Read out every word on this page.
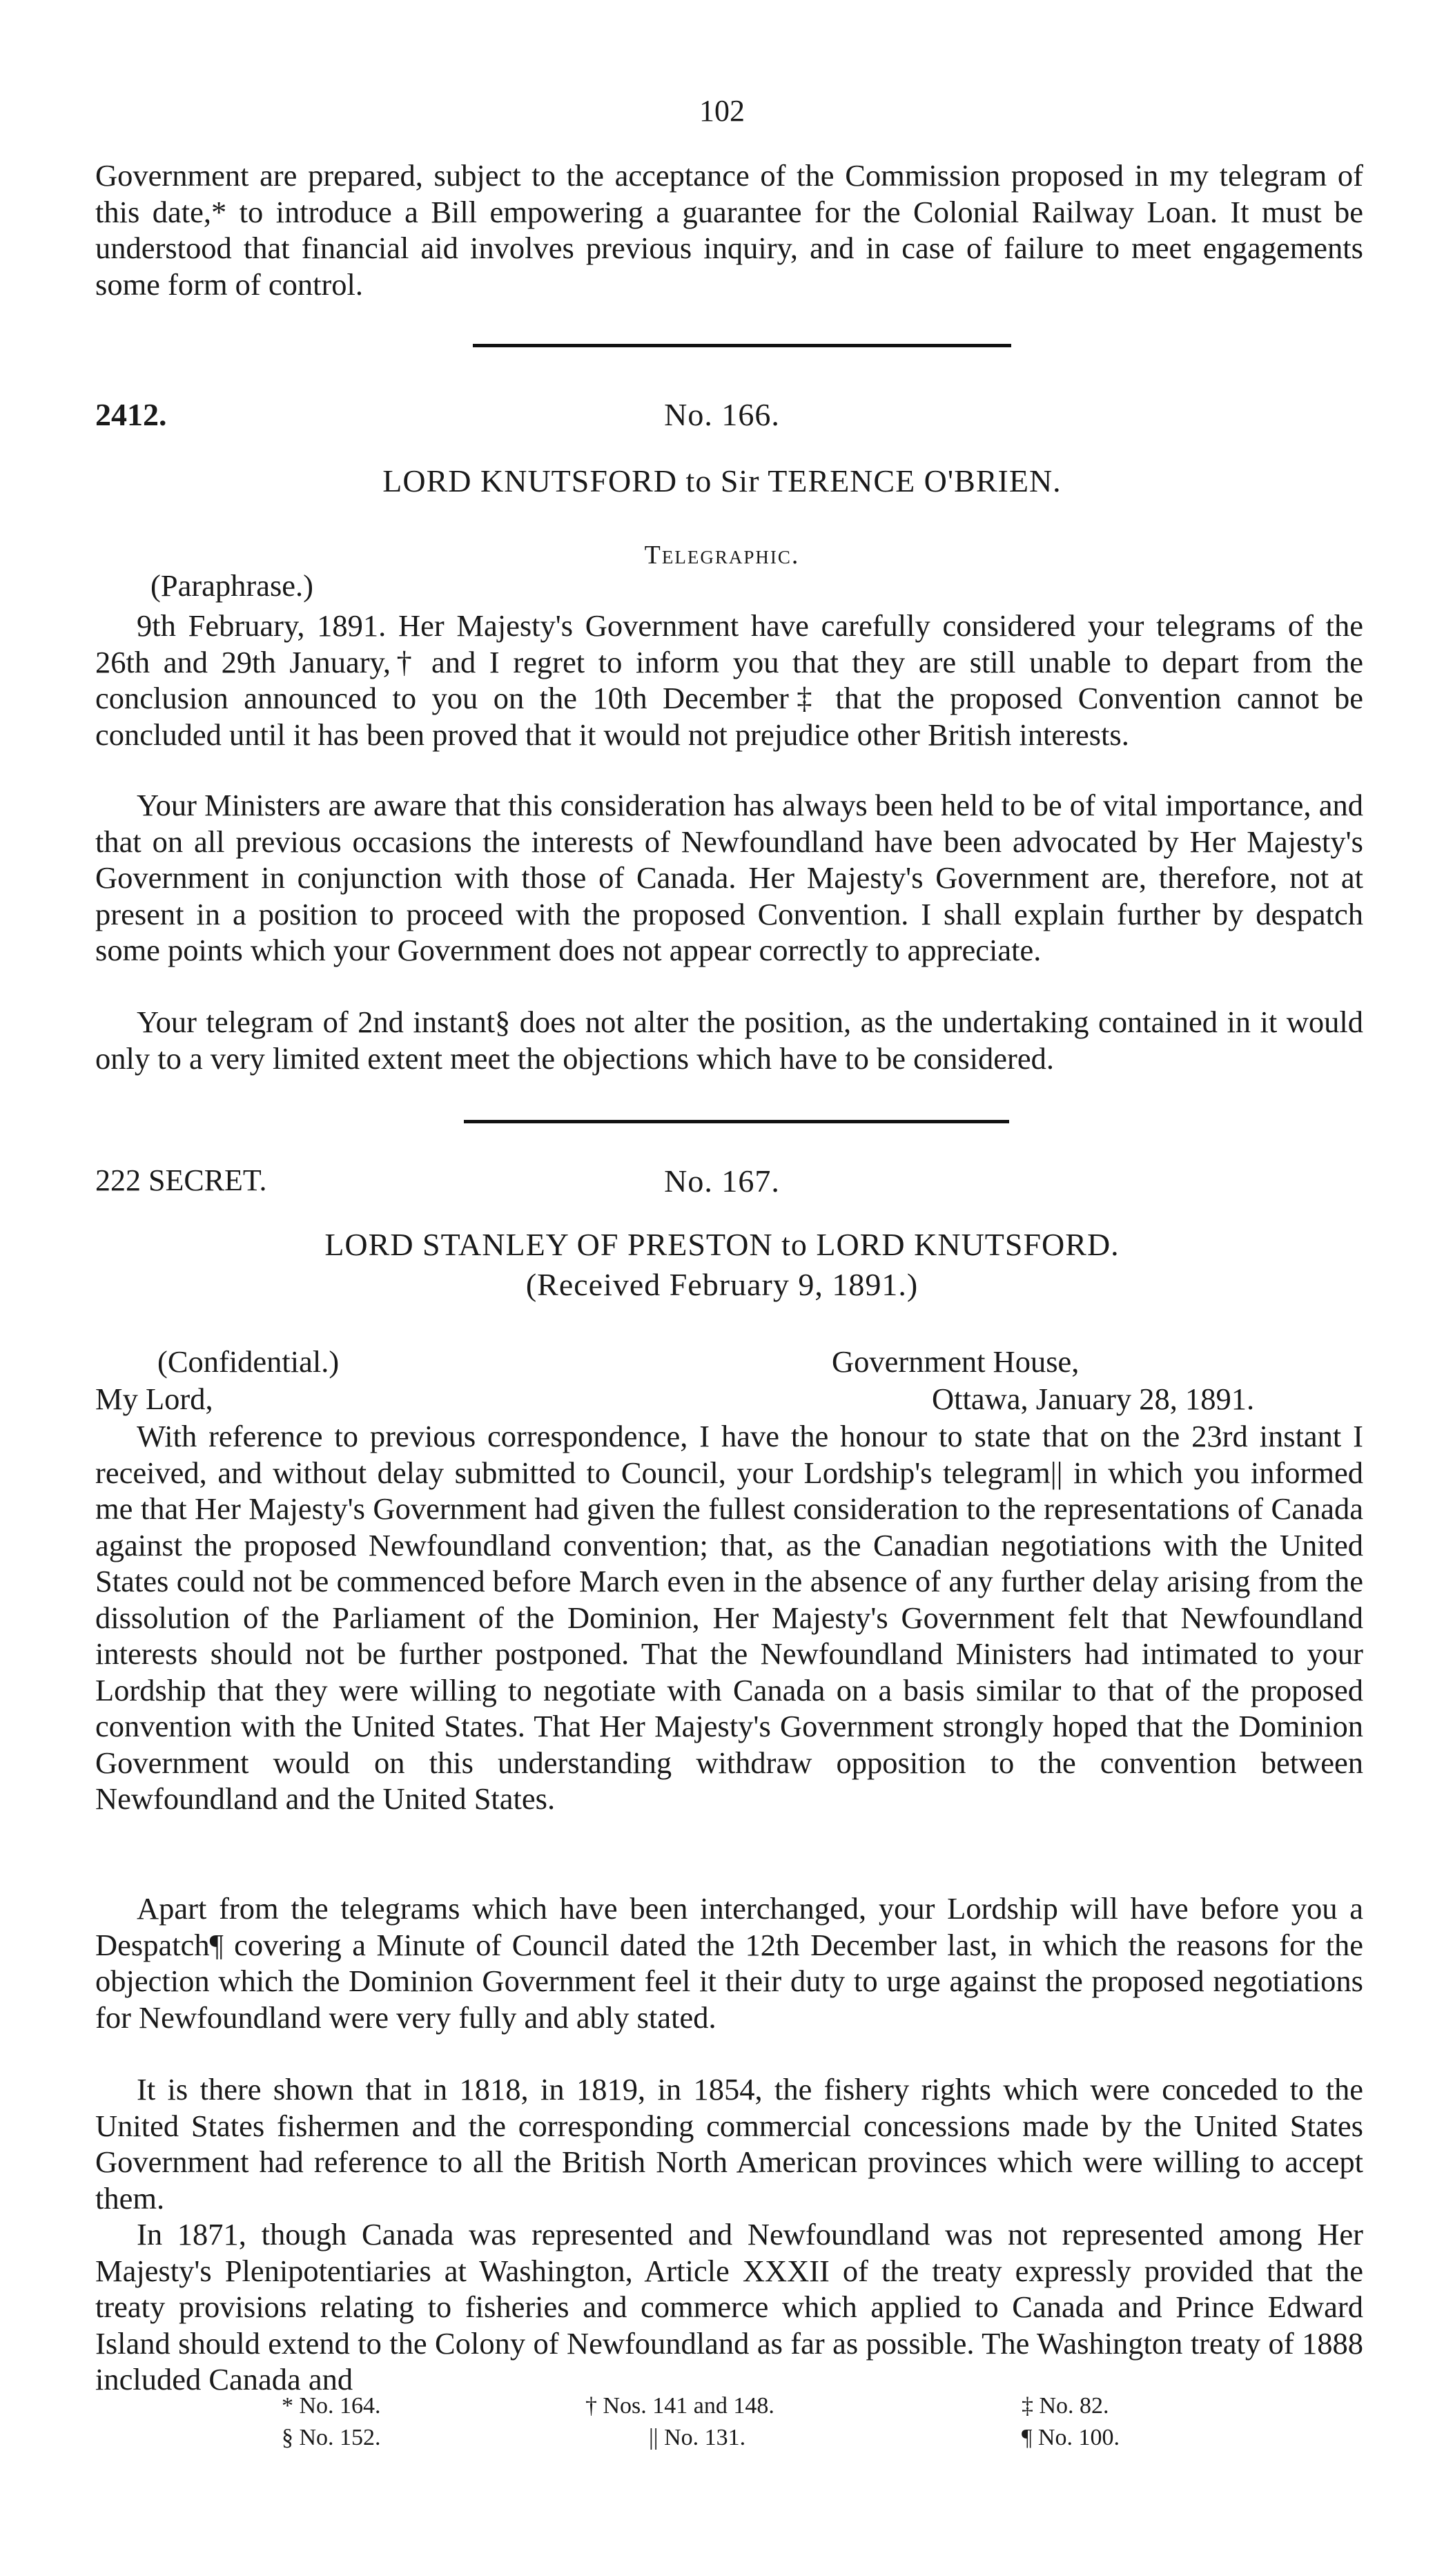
102
Government are prepared, subject to the acceptance of the Commission proposed in my telegram of this date,* to introduce a Bill empowering a guarantee for the Colonial Railway Loan. It must be understood that financial aid involves previous inquiry, and in case of failure to meet engagements some form of control.
2412.	No. 166.
LORD KNUTSFORD to Sir TERENCE O'BRIEN.
Telegraphic.
(Paraphrase.)
9th February, 1891. Her Majesty's Government have carefully considered your telegrams of the 26th and 29th January,† and I regret to inform you that they are still unable to depart from the conclusion announced to you on the 10th December‡ that the proposed Convention cannot be concluded until it has been proved that it would not prejudice other British interests.
Your Ministers are aware that this consideration has always been held to be of vital importance, and that on all previous occasions the interests of Newfoundland have been advocated by Her Majesty's Government in conjunction with those of Canada. Her Majesty's Government are, therefore, not at present in a position to proceed with the proposed Convention. I shall explain further by despatch some points which your Government does not appear correctly to appreciate.
Your telegram of 2nd instant§ does not alter the position, as the undertaking contained in it would only to a very limited extent meet the objections which have to be considered.
222 SECRET.	No. 167.
LORD STANLEY OF PRESTON to LORD KNUTSFORD.
(Received February 9, 1891.)
(Confidential.)
My Lord,
Government House,
Ottawa, January 28, 1891.
With reference to previous correspondence, I have the honour to state that on the 23rd instant I received, and without delay submitted to Council, your Lordship's telegram|| in which you informed me that Her Majesty's Government had given the fullest consideration to the representations of Canada against the proposed Newfoundland convention; that, as the Canadian negotiations with the United States could not be commenced before March even in the absence of any further delay arising from the dissolution of the Parliament of the Dominion, Her Majesty's Government felt that Newfoundland interests should not be further postponed. That the Newfoundland Ministers had intimated to your Lordship that they were willing to negotiate with Canada on a basis similar to that of the proposed convention with the United States. That Her Majesty's Government strongly hoped that the Dominion Government would on this understanding withdraw opposition to the convention between Newfoundland and the United States.
Apart from the telegrams which have been interchanged, your Lordship will have before you a Despatch¶ covering a Minute of Council dated the 12th December last, in which the reasons for the objection which the Dominion Government feel it their duty to urge against the proposed negotiations for Newfoundland were very fully and ably stated.
It is there shown that in 1818, in 1819, in 1854, the fishery rights which were conceded to the United States fishermen and the corresponding commercial concessions made by the United States Government had reference to all the British North American provinces which were willing to accept them.
In 1871, though Canada was represented and Newfoundland was not represented among Her Majesty's Plenipotentiaries at Washington, Article XXXII of the treaty expressly provided that the treaty provisions relating to fisheries and commerce which applied to Canada and Prince Edward Island should extend to the Colony of Newfoundland as far as possible. The Washington treaty of 1888 included Canada and
* No. 164.
§ No. 152.
† Nos. 141 and 148.
|| No. 131.
‡ No. 82.
¶ No. 100.
